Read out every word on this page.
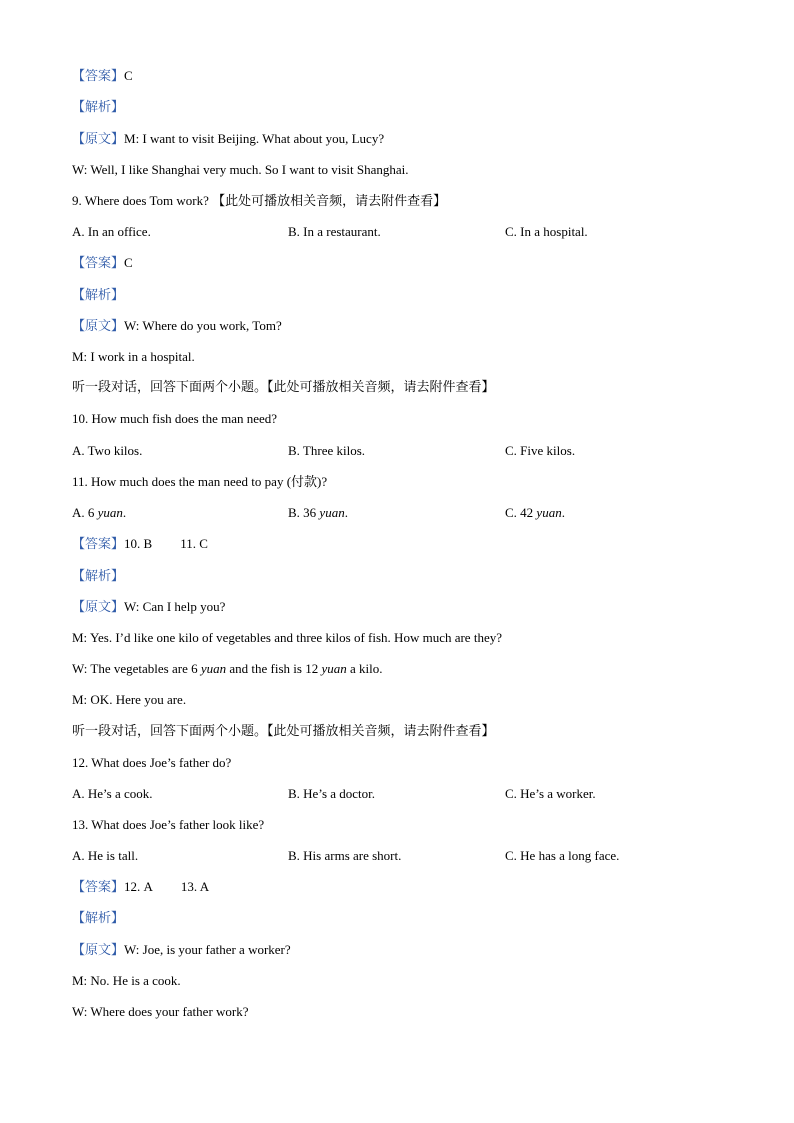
【答案】C
【解析】
【原文】M: I want to visit Beijing. What about you, Lucy?
W: Well, I like Shanghai very much. So I want to visit Shanghai.
9. Where does Tom work? 【此处可播放相关音频，请去附件查看】
A. In an office.	B. In a restaurant.	C. In a hospital.
【答案】C
【解析】
【原文】W: Where do you work, Tom?
M: I work in a hospital.
听一段对话，回答下面两个小题。【此处可播放相关音频，请去附件查看】
10. How much fish does the man need?
A. Two kilos.	B. Three kilos.	C. Five kilos.
11. How much does the man need to pay (付款)?
A. 6 yuan.	B. 36 yuan.	C. 42 yuan.
【答案】10. B 11. C
【解析】
【原文】W: Can I help you?
M: Yes. I’d like one kilo of vegetables and three kilos of fish. How much are they?
W: The vegetables are 6 yuan and the fish is 12 yuan a kilo.
M: OK. Here you are.
听一段对话，回答下面两个小题。【此处可播放相关音频，请去附件查看】
12. What does Joe’s father do?
A. He’s a cook.	B. He’s a doctor.	C. He’s a worker.
13. What does Joe’s father look like?
A. He is tall.	B. His arms are short.	C. He has a long face.
【答案】12. A 13. A
【解析】
【原文】W: Joe, is your father a worker?
M: No. He is a cook.
W: Where does your father work?
